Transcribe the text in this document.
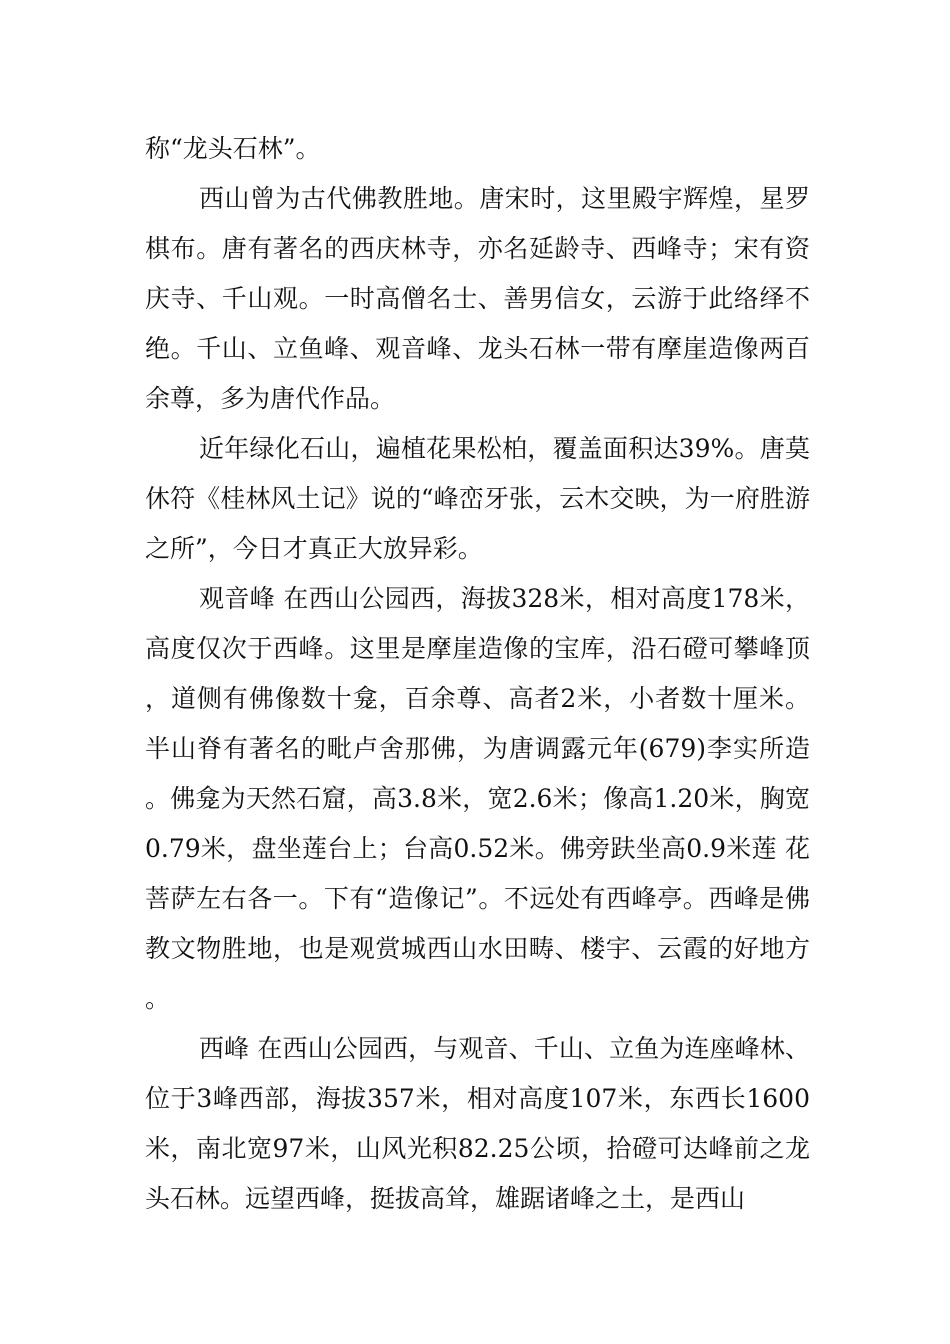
称“龙头石林”。

西山曾为古代佛教胜地。唐宋时，这里殿宇辉煌，星罗棋布。唐有著名的西庆林寺，亦名延龄寺、西峰寺；宋有资庆寺、千山观。一时高僧名士、善男信女，云游于此络绎不绝。千山、立鱼峰、观音峰、龙头石林一带有摩崖造像两百余尊，多为唐代作品。

近年绿化石山，遍植花果松柏，覆盖面积达39%。唐莫休符《桂林风土记》说的“峰峦牙张，云木交映，为一府胜游之所”，今日才真正大放异彩。

观音峰 在西山公园西，海拔328米，相对高度178米，高度仅次于西峰。这里是摩崖造像的宝库，沿石磴可攀峰顶，道侧有佛像数十龛，百余尊、高者2米，小者数十厘米。半山脊有著名的毗卢舍那佛，为唐调露元年(679)李实所造。佛龛为天然石窟，高3.8米，宽2.6米；像高1.20米，胸宽0.79米，盘坐莲台上；台高0.52米。佛旁趺坐高0.9米莲 花菩萨左右各一。下有“造像记”。不远处有西峰亭。西峰是佛教文物胜地，也是观赏城西山水田畴、楼宇、云霞的好地方。

西峰 在西山公园西，与观音、千山、立鱼为连座峰林、位于3峰西部，海拔357米，相对高度107米，东西长1600米，南北宽97米，山风光积82.25公顷，拾磴可达峰前之龙头石林。远望西峰，挺拔高耸，雄踞诸峰之土，是西山
